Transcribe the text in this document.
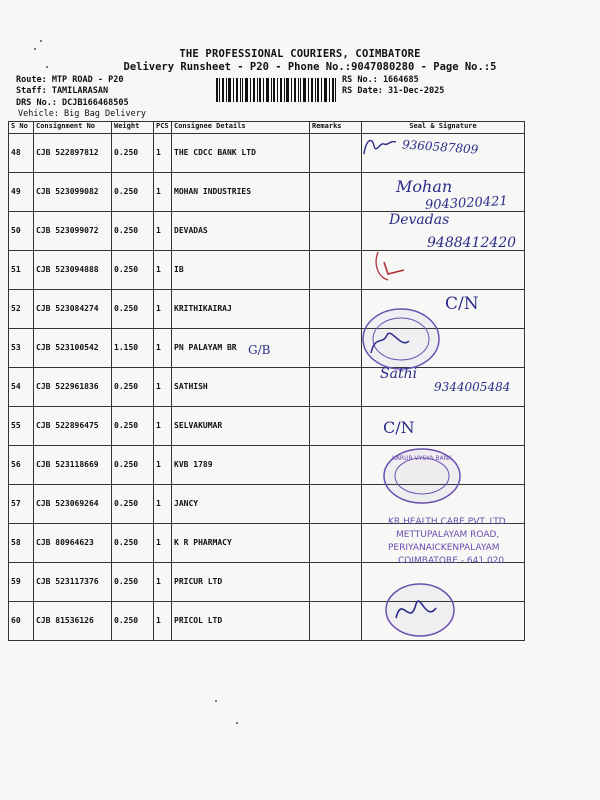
THE PROFESSIONAL COURIERS, COIMBATORE
Delivery Runsheet - P20 - Phone No.:9047080280 - Page No.:5
Route: MTP ROAD - P20
Staff: TAMILARASAN
DRS No.: DCJB166468505
Vehicle: Big Bag Delivery
RS No.: 1664685
RS Date: 31-Dec-2025
S No	Consignment No	Weight	PCS	Consignee Details	Remarks	Seal & Signature
48	CJB 522897812	0.250	1	THE CDCC BANK LTD		
49	CJB 523099082	0.250	1	MOHAN INDUSTRIES		
50	CJB 523099072	0.250	1	DEVADAS		
51	CJB 523094888	0.250	1	IB		
52	CJB 523084274	0.250	1	KRITHIKAIRAJ		
53	CJB 523100542	1.150	1	PN PALAYAM BR		
54	CJB 522961836	0.250	1	SATHISH		
55	CJB 522896475	0.250	1	SELVAKUMAR		
56	CJB 523118669	0.250	1	KVB 1789		
57	CJB 523069264	0.250	1	JANCY		
58	CJB 80964623	0.250	1	K R PHARMACY		
59	CJB 523117376	0.250	1	PRICUR LTD		
60	CJB 81536126	0.250	1	PRICOL LTD		
9360587809
Mohan
9043020421
Devadas
9488412420
C/N
G/B
Sathi
9344005484
C/N
KARUR VYSYA BANK
KR HEALTH CARE PVT. LTD.
METTUPALAYAM ROAD,
PERIYANAICKENPALAYAM
COIMBATORE - 641 020
